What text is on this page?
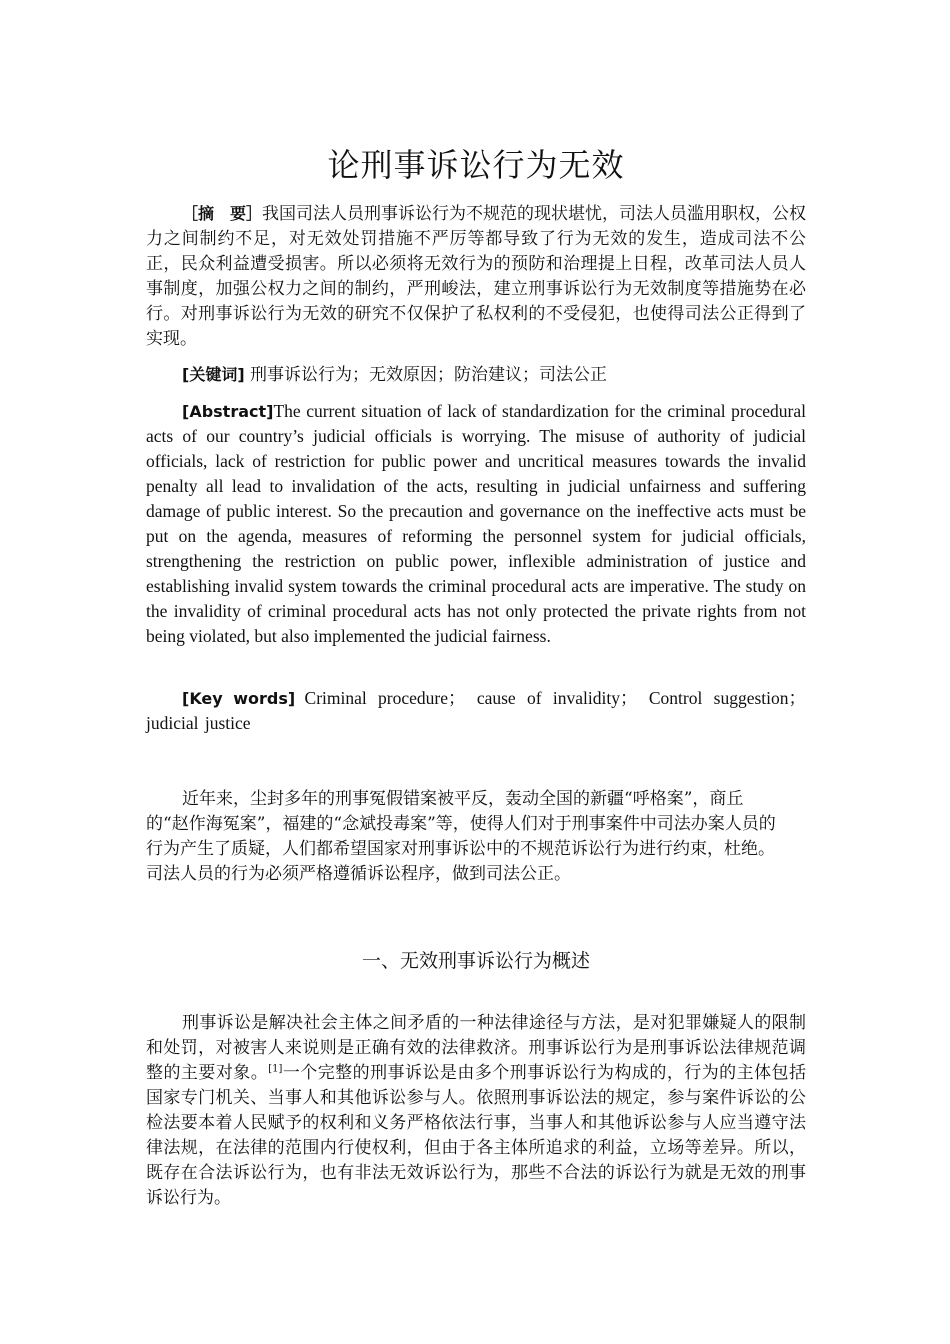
论刑事诉讼行为无效

［摘　要］我国司法人员刑事诉讼行为不规范的现状堪忧，司法人员滥用职权，公权力之间制约不足，对无效处罚措施不严厉等都导致了行为无效的发生，造成司法不公正，民众利益遭受损害。所以必须将无效行为的预防和治理提上日程，改革司法人员人事制度，加强公权力之间的制约，严刑峻法，建立刑事诉讼行为无效制度等措施势在必行。对刑事诉讼行为无效的研究不仅保护了私权利的不受侵犯，也使得司法公正得到了实现。

[关键词] 刑事诉讼行为；无效原因；防治建议；司法公正

[Abstract]The current situation of lack of standardization for the criminal procedural acts of our country’s judicial officials is worrying. The misuse of authority of judicial officials, lack of restriction for public power and uncritical measures towards the invalid penalty all lead to invalidation of the acts, resulting in judicial unfairness and suffering damage of public interest. So the precaution and governance on the ineffective acts must be put on the agenda, measures of reforming the personnel system for judicial officials, strengthening the restriction on public power, inflexible administration of justice and establishing invalid system towards the criminal procedural acts are imperative. The study on the invalidity of criminal procedural acts has not only protected the private rights from not being violated, but also implemented the judicial fairness.

[Key words] Criminal procedure； cause of invalidity； Control suggestion； judicial justice

近年来，尘封多年的刑事冤假错案被平反，轰动全国的新疆“呼格案”，商丘的“赵作海冤案”，福建的“念斌投毒案”等，使得人们对于刑事案件中司法办案人员的行为产生了质疑，人们都希望国家对刑事诉讼中的不规范诉讼行为进行约束，杜绝。司法人员的行为必须严格遵循诉讼程序，做到司法公正。

一、无效刑事诉讼行为概述

刑事诉讼是解决社会主体之间矛盾的一种法律途径与方法，是对犯罪嫌疑人的限制和处罚，对被害人来说则是正确有效的法律救济。刑事诉讼行为是刑事诉讼法律规范调整的主要对象。[1]一个完整的刑事诉讼是由多个刑事诉讼行为构成的，行为的主体包括国家专门机关、当事人和其他诉讼参与人。依照刑事诉讼法的规定，参与案件诉讼的公检法要本着人民赋予的权利和义务严格依法行事，当事人和其他诉讼参与人应当遵守法律法规，在法律的范围内行使权利，但由于各主体所追求的利益，立场等差异。所以，既存在合法诉讼行为，也有非法无效诉讼行为，那些不合法的诉讼行为就是无效的刑事诉讼行为。
